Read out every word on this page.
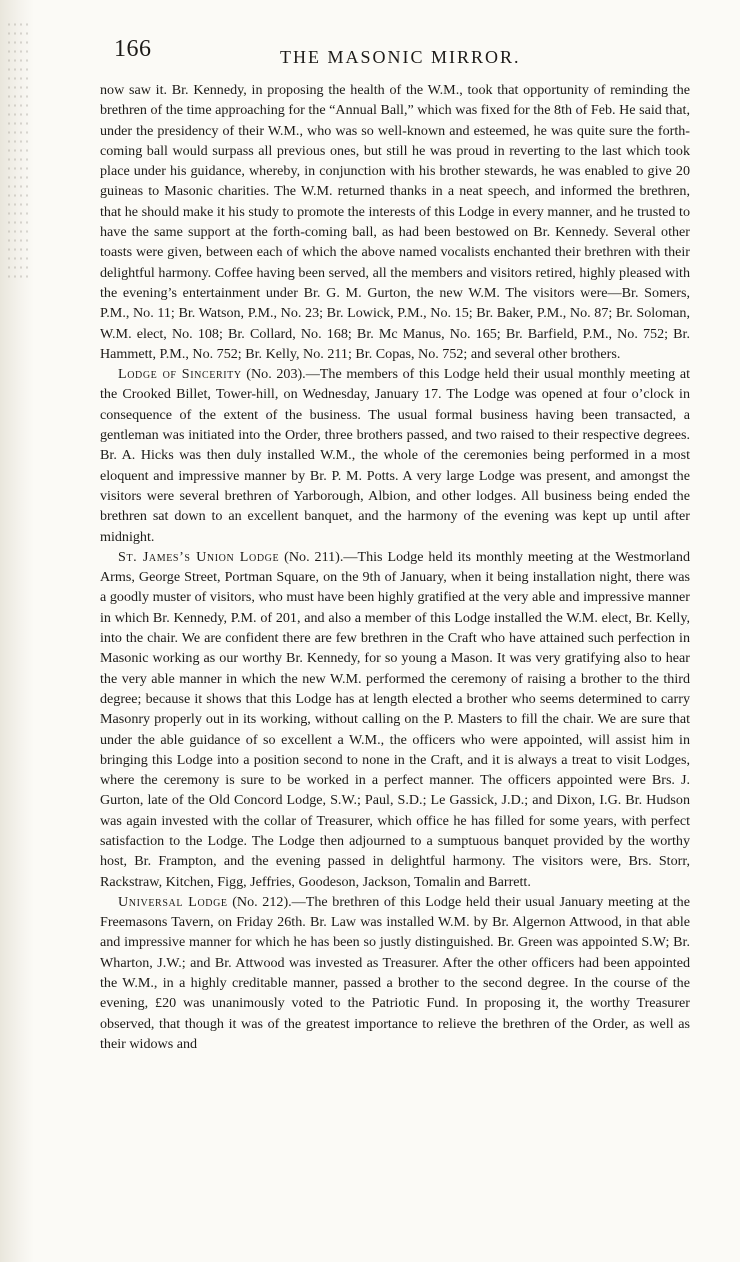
166	THE MASONIC MIRROR.

now saw it. Br. Kennedy, in proposing the health of the W.M., took that opportunity of reminding the brethren of the time approaching for the “Annual Ball,” which was fixed for the 8th of Feb. He said that, under the presidency of their W.M., who was so well-known and esteemed, he was quite sure the forth-coming ball would surpass all previous ones, but still he was proud in reverting to the last which took place under his guidance, whereby, in conjunction with his brother stewards, he was enabled to give 20 guineas to Masonic charities. The W.M. returned thanks in a neat speech, and informed the brethren, that he should make it his study to promote the interests of this Lodge in every manner, and he trusted to have the same support at the forth-coming ball, as had been bestowed on Br. Kennedy. Several other toasts were given, between each of which the above named vocalists enchanted their brethren with their delightful harmony. Coffee having been served, all the members and visitors retired, highly pleased with the evening’s entertainment under Br. G. M. Gurton, the new W.M. The visitors were—Br. Somers, P.M., No. 11; Br. Watson, P.M., No. 23; Br. Lowick, P.M., No. 15; Br. Baker, P.M., No. 87; Br. Soloman, W.M. elect, No. 108; Br. Collard, No. 168; Br. Mc Manus, No. 165; Br. Barfield, P.M., No. 752; Br. Hammett, P.M., No. 752; Br. Kelly, No. 211; Br. Copas, No. 752; and several other brothers.

Lodge of Sincerity (No. 203).—The members of this Lodge held their usual monthly meeting at the Crooked Billet, Tower-hill, on Wednesday, January 17. The Lodge was opened at four o’clock in consequence of the extent of the business. The usual formal business having been transacted, a gentleman was initiated into the Order, three brothers passed, and two raised to their respective degrees. Br. A. Hicks was then duly installed W.M., the whole of the ceremonies being performed in a most eloquent and impressive manner by Br. P. M. Potts. A very large Lodge was present, and amongst the visitors were several brethren of Yarborough, Albion, and other lodges. All business being ended the brethren sat down to an excellent banquet, and the harmony of the evening was kept up until after midnight.

St. James’s Union Lodge (No. 211).—This Lodge held its monthly meeting at the Westmorland Arms, George Street, Portman Square, on the 9th of January, when it being installation night, there was a goodly muster of visitors, who must have been highly gratified at the very able and impressive manner in which Br. Kennedy, P.M. of 201, and also a member of this Lodge installed the W.M. elect, Br. Kelly, into the chair. We are confident there are few brethren in the Craft who have attained such perfection in Masonic working as our worthy Br. Kennedy, for so young a Mason. It was very gratifying also to hear the very able manner in which the new W.M. performed the ceremony of raising a brother to the third degree; because it shows that this Lodge has at length elected a brother who seems determined to carry Masonry properly out in its working, without calling on the P. Masters to fill the chair. We are sure that under the able guidance of so excellent a W.M., the officers who were appointed, will assist him in bringing this Lodge into a position second to none in the Craft, and it is always a treat to visit Lodges, where the ceremony is sure to be worked in a perfect manner. The officers appointed were Brs. J. Gurton, late of the Old Concord Lodge, S.W.; Paul, S.D.; Le Gassick, J.D.; and Dixon, I.G. Br. Hudson was again invested with the collar of Treasurer, which office he has filled for some years, with perfect satisfaction to the Lodge. The Lodge then adjourned to a sumptuous banquet provided by the worthy host, Br. Frampton, and the evening passed in delightful harmony. The visitors were, Brs. Storr, Rackstraw, Kitchen, Figg, Jeffries, Goodeson, Jackson, Tomalin and Barrett.

Universal Lodge (No. 212).—The brethren of this Lodge held their usual January meeting at the Freemasons Tavern, on Friday 26th. Br. Law was installed W.M. by Br. Algernon Attwood, in that able and impressive manner for which he has been so justly distinguished. Br. Green was appointed S.W; Br. Wharton, J.W.; and Br. Attwood was invested as Treasurer. After the other officers had been appointed the W.M., in a highly creditable manner, passed a brother to the second degree. In the course of the evening, £20 was unanimously voted to the Patriotic Fund. In proposing it, the worthy Treasurer observed, that though it was of the greatest importance to relieve the brethren of the Order, as well as their widows and
